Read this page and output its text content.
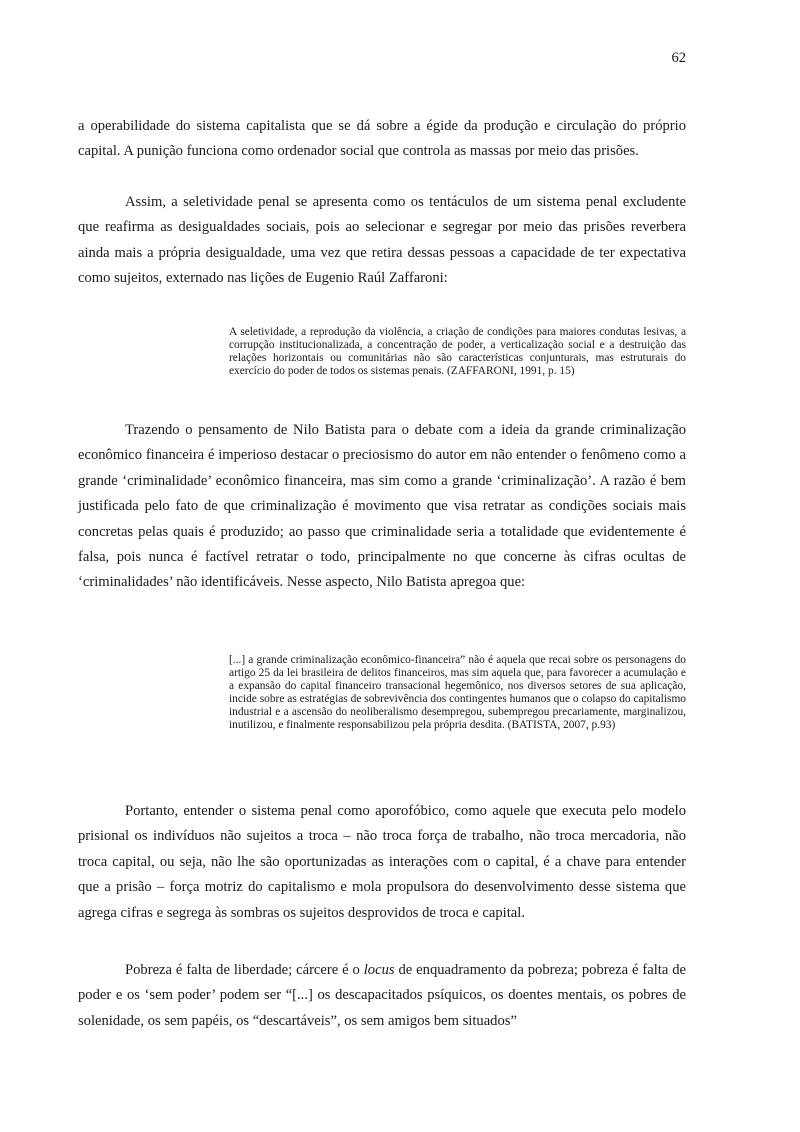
62

a operabilidade do sistema capitalista que se dá sobre a égide da produção e circulação do próprio capital. A punição funciona como ordenador social que controla as massas por meio das prisões.

Assim, a seletividade penal se apresenta como os tentáculos de um sistema penal excludente que reafirma as desigualdades sociais, pois ao selecionar e segregar por meio das prisões reverbera ainda mais a própria desigualdade, uma vez que retira dessas pessoas a capacidade de ter expectativa como sujeitos, externado nas lições de Eugenio Raúl Zaffaroni:

A seletividade, a reprodução da violência, a criação de condições para maiores condutas lesivas, a corrupção institucionalizada, a concentração de poder, a verticalização social e a destruição das relações horizontais ou comunitárias não são características conjunturais, mas estruturais do exercício do poder de todos os sistemas penais. (ZAFFARONI, 1991, p. 15)

Trazendo o pensamento de Nilo Batista para o debate com a ideia da grande criminalização econômico financeira é imperioso destacar o preciosismo do autor em não entender o fenômeno como a grande ‘criminalidade’ econômico financeira, mas sim como a grande ‘criminalização’. A razão é bem justificada pelo fato de que criminalização é movimento que visa retratar as condições sociais mais concretas pelas quais é produzido; ao passo que criminalidade seria a totalidade que evidentemente é falsa, pois nunca é factível retratar o todo, principalmente no que concerne às cifras ocultas de ‘criminalidades’ não identificáveis. Nesse aspecto, Nilo Batista apregoa que:

[...] a grande criminalização econômico-financeira” não é aquela que recai sobre os personagens do artigo 25 da lei brasileira de delitos financeiros, mas sim aquela que, para favorecer a acumulação e a expansão do capital financeiro transacional hegemônico, nos diversos setores de sua aplicação, incide sobre as estratégias de sobrevivência dos contingentes humanos que o colapso do capitalismo industrial e a ascensão do neoliberalismo desempregou, subempregou precariamente, marginalizou, inutilizou, e finalmente responsabilizou pela própria desdita. (BATISTA, 2007, p.93)

Portanto, entender o sistema penal como aporofóbico, como aquele que executa pelo modelo prisional os indivíduos não sujeitos a troca – não troca força de trabalho, não troca mercadoria, não troca capital, ou seja, não lhe são oportunizadas as interações com o capital, é a chave para entender que a prisão – força motriz do capitalismo e mola propulsora do desenvolvimento desse sistema que agrega cifras e segrega às sombras os sujeitos desprovidos de troca e capital.

Pobreza é falta de liberdade; cárcere é o locus de enquadramento da pobreza; pobreza é falta de poder e os ‘sem poder’ podem ser “[...] os descapacitados psíquicos, os doentes mentais, os pobres de solenidade, os sem papéis, os “descartáveis”, os sem amigos bem situados”
